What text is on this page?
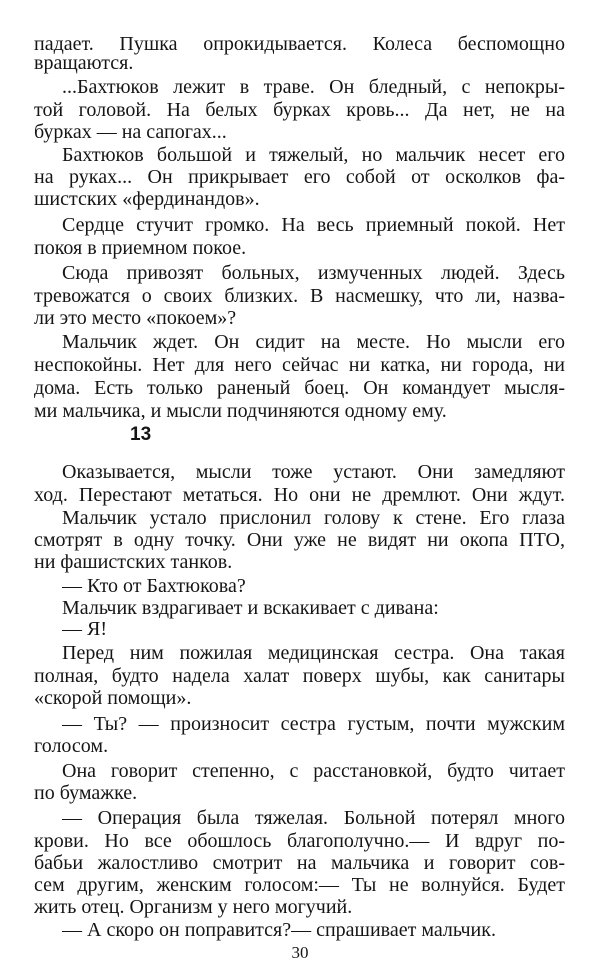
падает. Пушка опрокидывается. Колеса беспомощно
вращаются.
...Бахтюков лежит в траве. Он бледный, с непокры-
той головой. На белых бурках кровь... Да нет, не на
бурках — на сапогах...
Бахтюков большой и тяжелый, но мальчик несет его
на руках... Он прикрывает его собой от осколков фа-
шистских «фердинандов».
Сердце стучит громко. На весь приемный покой. Нет
покоя в приемном покое.
Сюда привозят больных, измученных людей. Здесь
тревожатся о своих близких. В насмешку, что ли, назва-
ли это место «покоем»?
Мальчик ждет. Он сидит на месте. Но мысли его
неспокойны. Нет для него сейчас ни катка, ни города, ни
дома. Есть только раненый боец. Он командует мысля-
ми мальчика, и мысли подчиняются одному ему.
13
Оказывается, мысли тоже устают. Они замедляют
ход. Перестают метаться. Но они не дремлют. Они ждут.
Мальчик устало прислонил голову к стене. Его глаза
смотрят в одну точку. Они уже не видят ни окопа ПТО,
ни фашистских танков.
— Кто от Бахтюкова?
Мальчик вздрагивает и вскакивает с дивана:
— Я!
Перед ним пожилая медицинская сестра. Она такая
полная, будто надела халат поверх шубы, как санитары
«скорой помощи».
— Ты? — произносит сестра густым, почти мужским
голосом.
Она говорит степенно, с расстановкой, будто читает
по бумажке.
— Операция была тяжелая. Больной потерял много
крови. Но все обошлось благополучно.— И вдруг по-
бабьи жалостливо смотрит на мальчика и говорит сов-
сем другим, женским голосом:— Ты не волнуйся. Будет
жить отец. Организм у него могучий.
— А скоро он поправится?— спрашивает мальчик.
30
